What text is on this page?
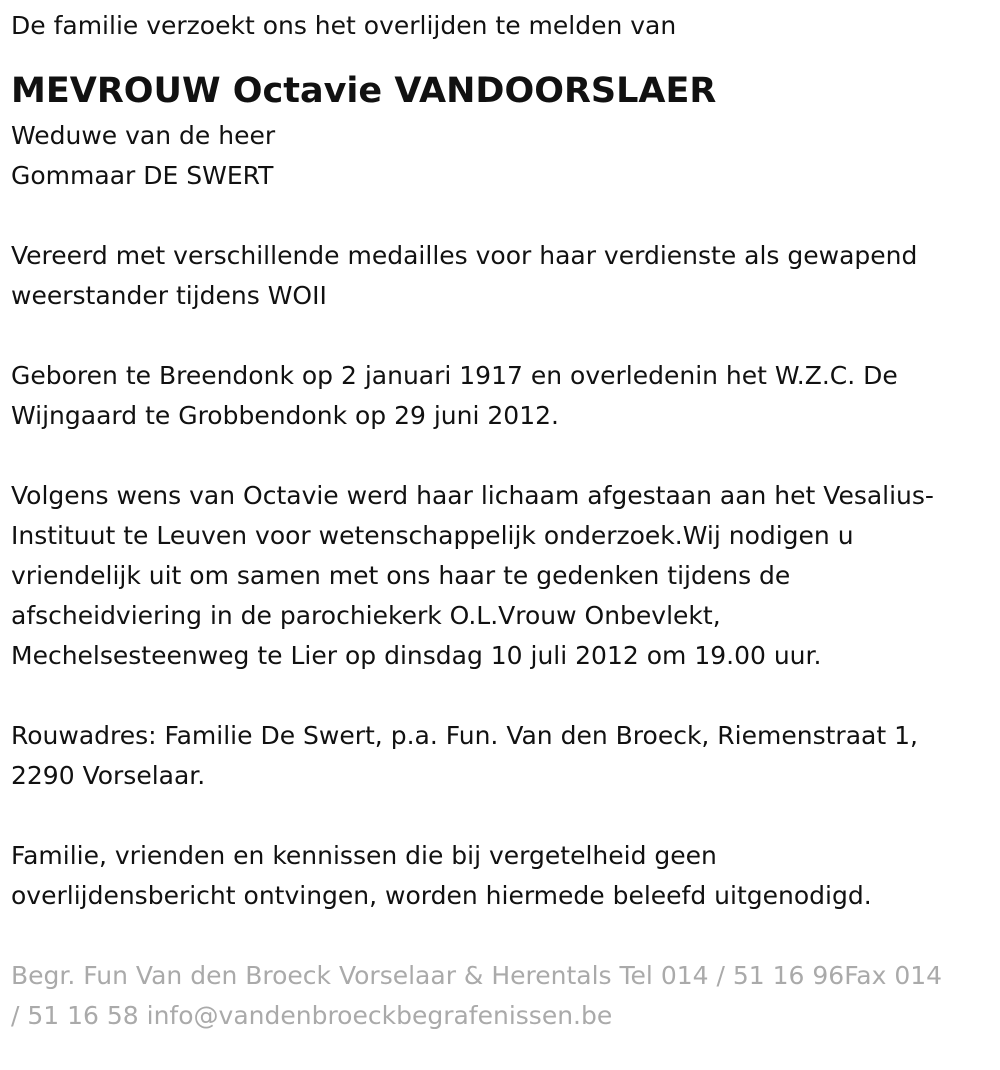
De familie verzoekt ons het overlijden te melden van
MEVROUW Octavie VANDOORSLAER
Weduwe van de heer
Gommaar DE SWERT
Vereerd met verschillende medailles voor haar verdienste als gewapend
weerstander tijdens WOII
Geboren te Breendonk op 2 januari 1917 en overledenin het W.Z.C. De
Wijngaard te Grobbendonk op 29 juni 2012.
Volgens wens van Octavie werd haar lichaam afgestaan aan het Vesalius-
Instituut te Leuven voor wetenschappelijk onderzoek.Wij nodigen u
vriendelijk uit om samen met ons haar te gedenken tijdens de
afscheidviering in de parochiekerk O.L.Vrouw Onbevlekt,
Mechelsesteenweg te Lier op dinsdag 10 juli 2012 om 19.00 uur.
Rouwadres: Familie De Swert, p.a. Fun. Van den Broeck, Riemenstraat 1,
2290 Vorselaar.
Familie, vrienden en kennissen die bij vergetelheid geen
overlijdensbericht ontvingen, worden hiermede beleefd uitgenodigd.
Begr. Fun Van den Broeck Vorselaar & Herentals Tel 014 / 51 16 96Fax 014
/ 51 16 58 info@vandenbroeckbegrafenissen.be
